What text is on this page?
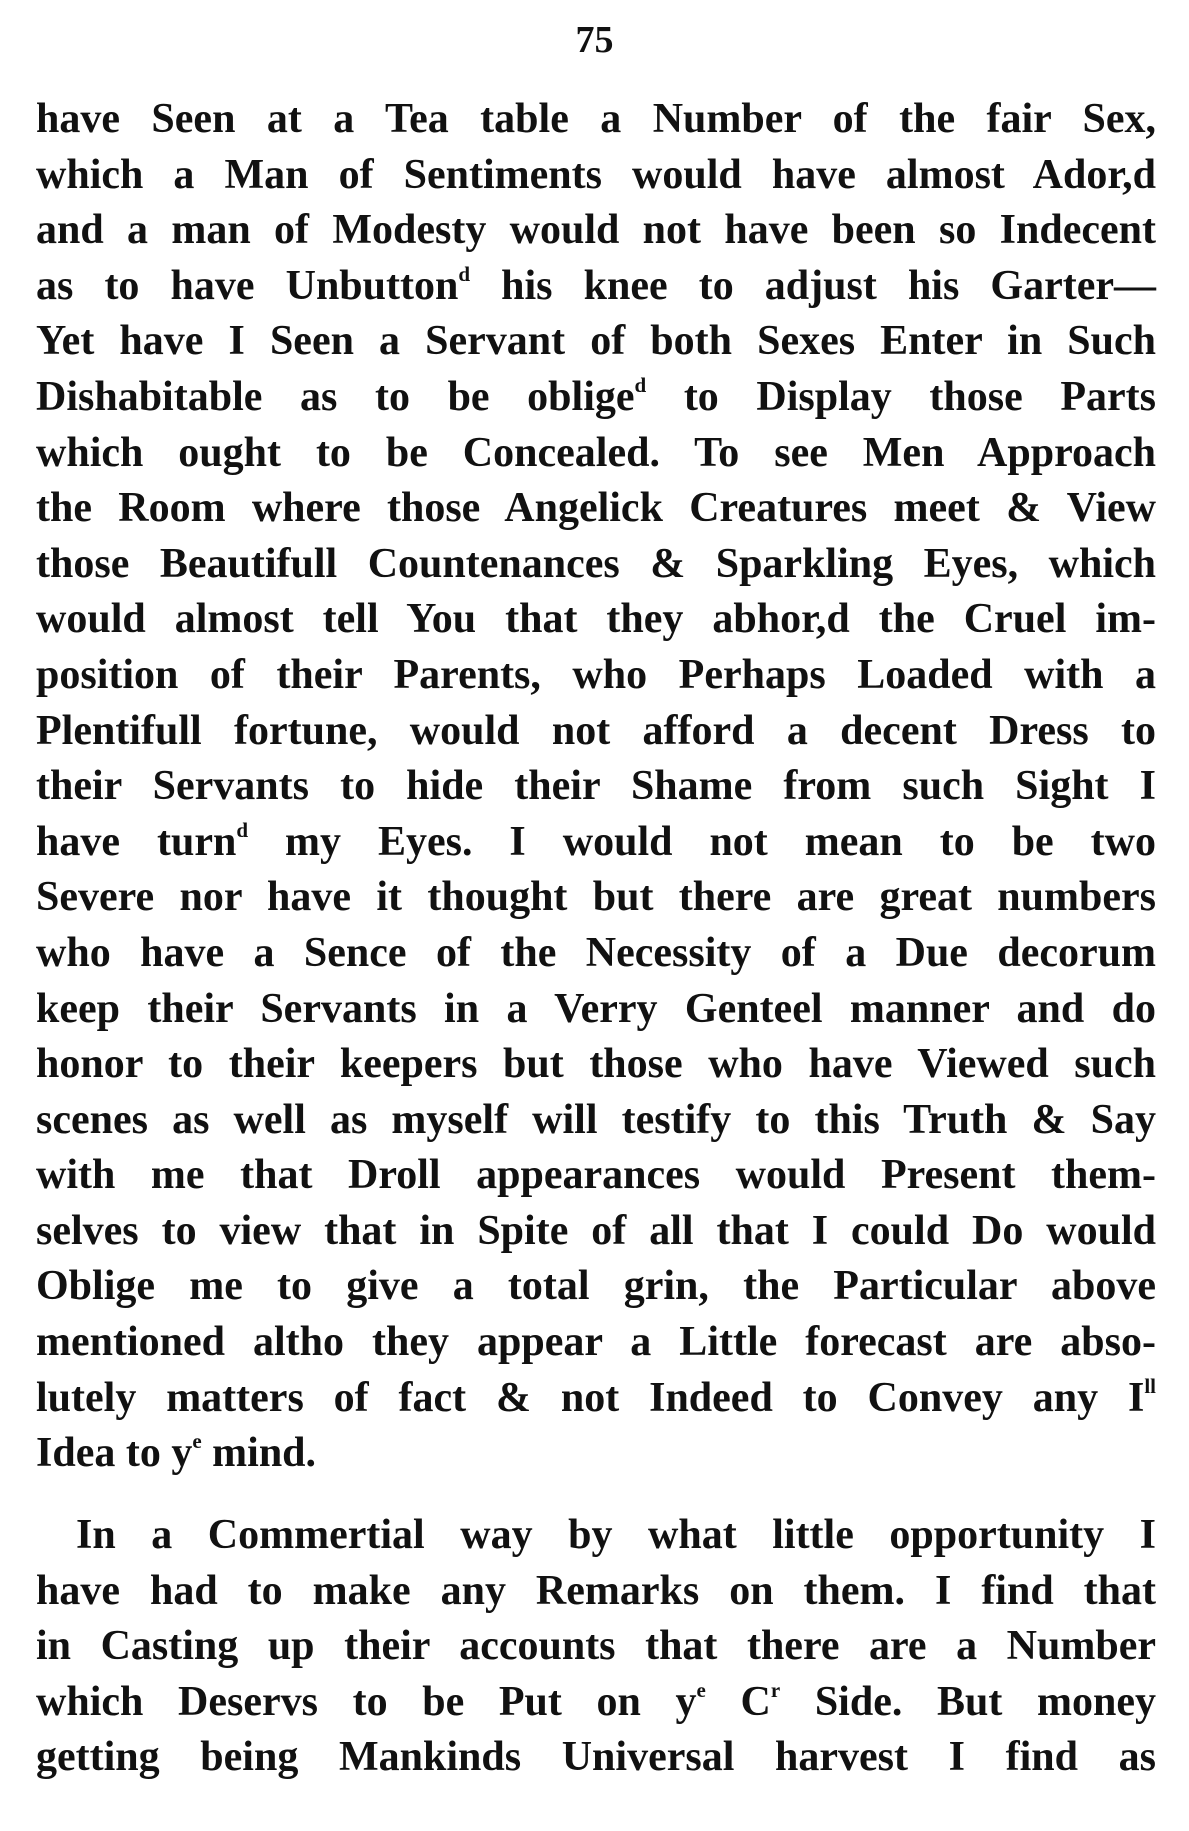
75
have Seen at a Tea table a Number of the fair Sex,
which a Man of Sentiments would have almost Ador,d
and a man of Modesty would not have been so Indecent
as to have Unbutton$^d$ his knee to adjust his Garter—
Yet have I Seen a Servant of both Sexes Enter in Such
Dishabitable as to be oblige$^d$ to Display those Parts
which ought to be Concealed. To see Men Approach
the Room where those Angelick Creatures meet & View
those Beautifull Countenances & Sparkling Eyes, which
would almost tell You that they abhor,d the Cruel im-
position of their Parents, who Perhaps Loaded with a
Plentifull fortune, would not afford a decent Dress to
their Servants to hide their Shame from such Sight I
have turn$^d$ my Eyes. I would not mean to be two
Severe nor have it thought but there are great numbers
who have a Sence of the Necessity of a Due decorum
keep their Servants in a Verry Genteel manner and do
honor to their keepers but those who have Viewed such
scenes as well as myself will testify to this Truth & Say
with me that Droll appearances would Present them-
selves to view that in Spite of all that I could Do would
Oblige me to give a total grin, the Particular above
mentioned altho they appear a Little forecast are abso-
lutely matters of fact & not Indeed to Convey any $I^{ll}$
Idea to $y^e$ mind.
In a Commertial way by what little opportunity I
have had to make any Remarks on them. I find that
in Casting up their accounts that there are a Number
which Deservs to be Put on $y^e$ $C^r$ Side. But money
getting being Mankinds Universal harvest I find as
